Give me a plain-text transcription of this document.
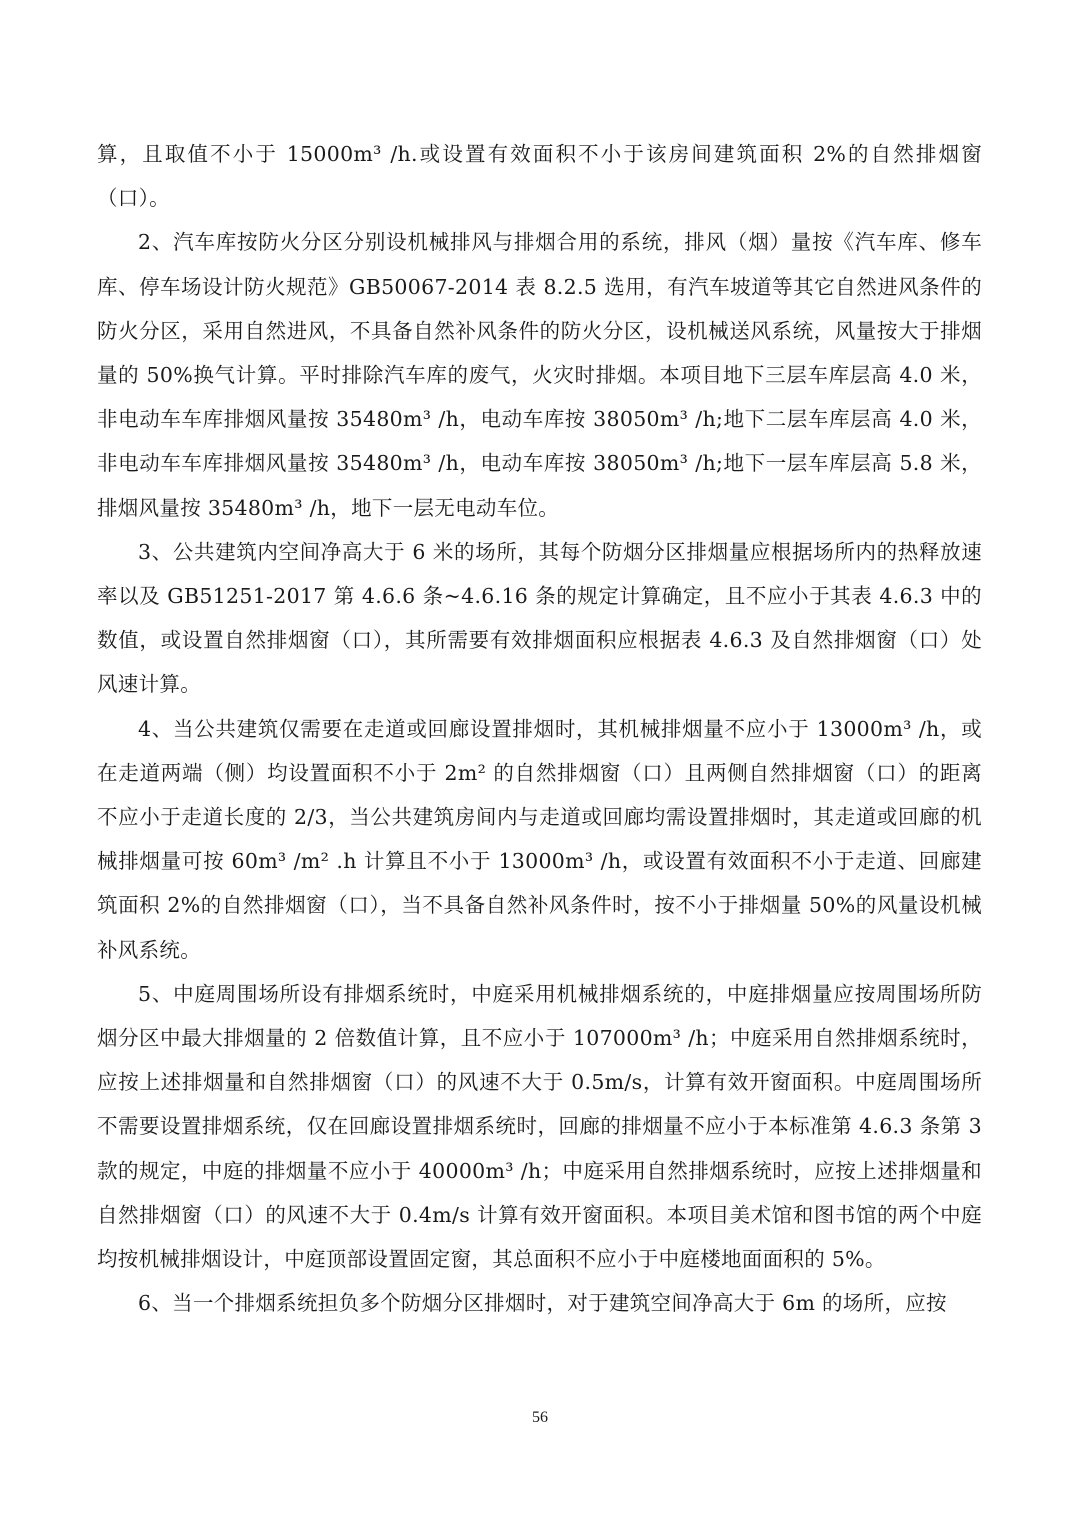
算，且取值不小于 15000m³ /h.或设置有效面积不小于该房间建筑面积 2%的自然排烟窗（口）。

2、汽车库按防火分区分别设机械排风与排烟合用的系统，排风（烟）量按《汽车库、修车库、停车场设计防火规范》GB50067-2014 表 8.2.5 选用，有汽车坡道等其它自然进风条件的防火分区，采用自然进风，不具备自然补风条件的防火分区，设机械送风系统，风量按大于排烟量的 50%换气计算。平时排除汽车库的废气，火灾时排烟。本项目地下三层车库层高 4.0 米，非电动车车库排烟风量按 35480m³ /h，电动车库按 38050m³ /h;地下二层车库层高 4.0 米，非电动车车库排烟风量按 35480m³ /h，电动车库按 38050m³ /h;地下一层车库层高 5.8 米，排烟风量按 35480m³ /h，地下一层无电动车位。

3、公共建筑内空间净高大于 6 米的场所，其每个防烟分区排烟量应根据场所内的热释放速率以及 GB51251-2017 第 4.6.6 条~4.6.16 条的规定计算确定，且不应小于其表 4.6.3 中的数值，或设置自然排烟窗（口），其所需要有效排烟面积应根据表 4.6.3 及自然排烟窗（口）处风速计算。

4、当公共建筑仅需要在走道或回廊设置排烟时，其机械排烟量不应小于 13000m³ /h，或在走道两端（侧）均设置面积不小于 2m² 的自然排烟窗（口）且两侧自然排烟窗（口）的距离不应小于走道长度的 2/3，当公共建筑房间内与走道或回廊均需设置排烟时，其走道或回廊的机械排烟量可按 60m³ /m² .h 计算且不小于 13000m³ /h，或设置有效面积不小于走道、回廊建筑面积 2%的自然排烟窗（口），当不具备自然补风条件时，按不小于排烟量 50%的风量设机械补风系统。

5、中庭周围场所设有排烟系统时，中庭采用机械排烟系统的，中庭排烟量应按周围场所防烟分区中最大排烟量的 2 倍数值计算，且不应小于 107000m³ /h；中庭采用自然排烟系统时，应按上述排烟量和自然排烟窗（口）的风速不大于 0.5m/s，计算有效开窗面积。中庭周围场所不需要设置排烟系统，仅在回廊设置排烟系统时，回廊的排烟量不应小于本标准第 4.6.3 条第 3 款的规定，中庭的排烟量不应小于 40000m³ /h；中庭采用自然排烟系统时，应按上述排烟量和自然排烟窗（口）的风速不大于 0.4m/s 计算有效开窗面积。本项目美术馆和图书馆的两个中庭均按机械排烟设计，中庭顶部设置固定窗，其总面积不应小于中庭楼地面面积的 5%。

6、当一个排烟系统担负多个防烟分区排烟时，对于建筑空间净高大于 6m 的场所，应按

56
